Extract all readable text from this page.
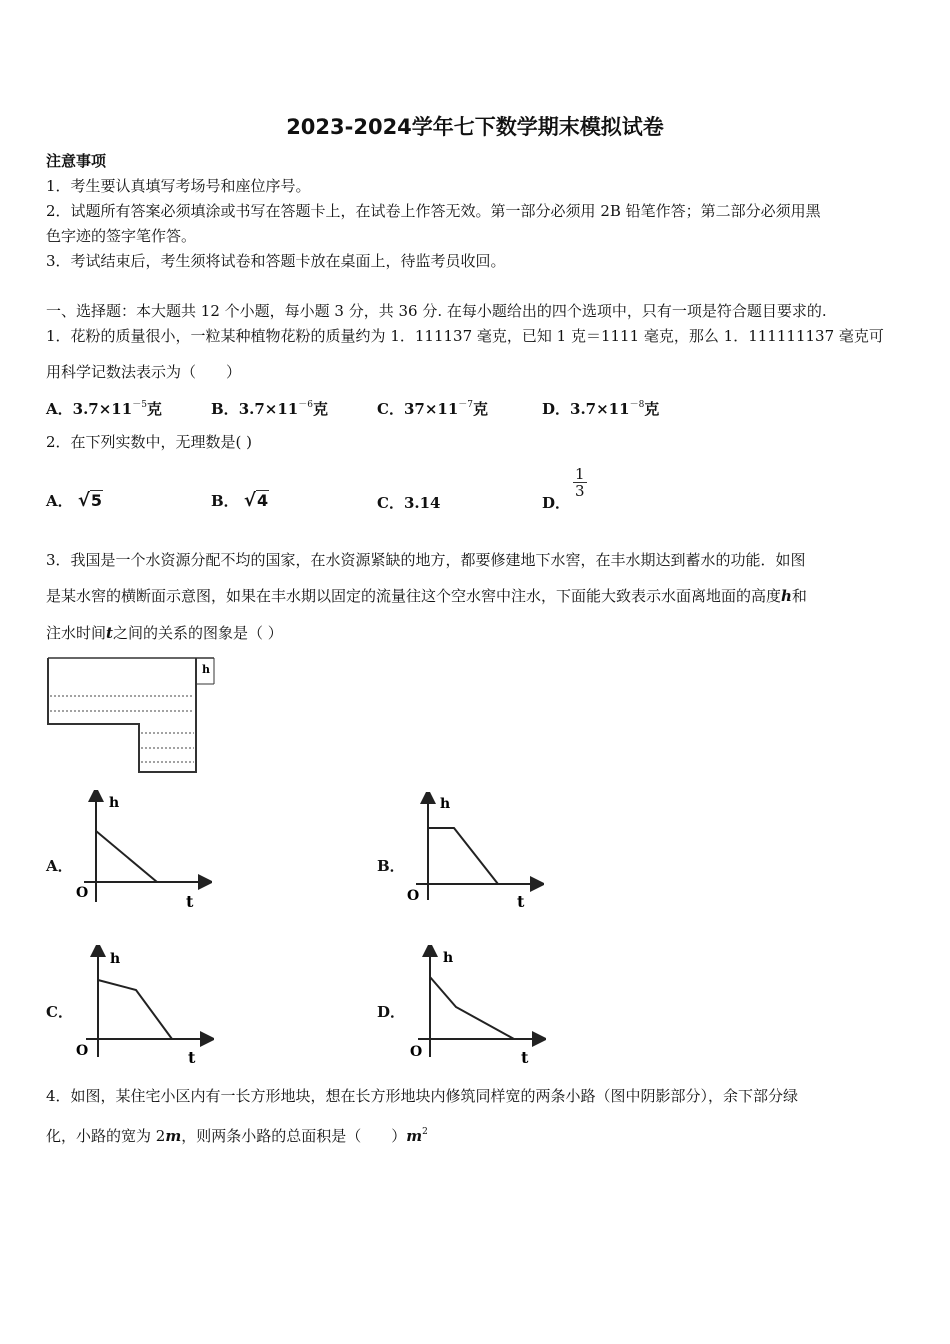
2023-2024学年七下数学期末模拟试卷
注意事项
1．考生要认真填写考场号和座位序号。
2．试题所有答案必须填涂或书写在答题卡上，在试卷上作答无效。第一部分必须用 2B 铅笔作答；第二部分必须用黑
色字迹的签字笔作答。
3．考试结束后，考生须将试卷和答题卡放在桌面上，待监考员收回。
一、选择题：本大题共 12 个小题，每小题 3 分，共 36 分. 在每小题给出的四个选项中，只有一项是符合题目要求的.
1．花粉的质量很小，一粒某种植物花粉的质量约为 1．111137 毫克，已知 1 克＝1111 毫克，那么 1．111111137 毫克可
用科学记数法表示为（　　）
A．$3.7\times 11^{-5}$克	B．$3.7\times 11^{-6}$克	C．$37\times 11^{-7}$克	D．$3.7\times 11^{-8}$克
2．在下列实数中，无理数是( )
A． √5	B． √4	C．3.14	D．
$\frac{1}{3}$
3．我国是一个水资源分配不均的国家，在水资源紧缺的地方，都要修建地下水窖，在丰水期达到蓄水的功能．如图
是某水窖的横断面示意图，如果在丰水期以固定的流量往这个空水窖中注水，下面能大致表示水面离地面的高度h和
注水时间t之间的关系的图象是（ ）
h
A．
h
O	t
B．
h
O	t
C．
h
O	t
D．
h
O	t
4．如图，某住宅小区内有一长方形地块，想在长方形地块内修筑同样宽的两条小路（图中阴影部分），余下部分绿
化，小路的宽为 2m，则两条小路的总面积是（　　）$m^2$
